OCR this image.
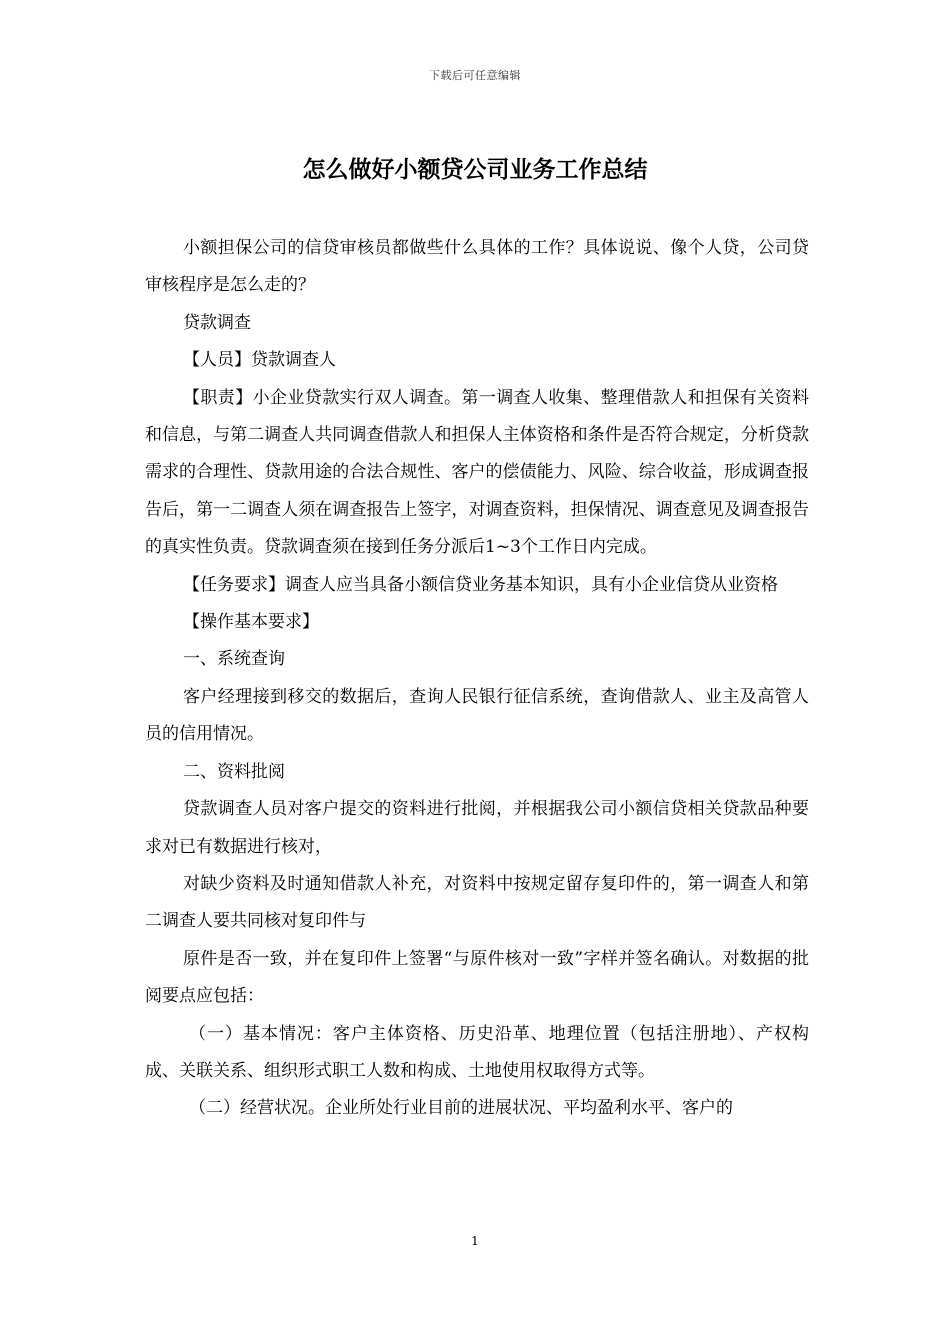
下载后可任意编辑
怎么做好小额贷公司业务工作总结

小额担保公司的信贷审核员都做些什么具体的工作？具体说说、像个人贷，公司贷审核程序是怎么走的？

贷款调查

【人员】贷款调查人

【职责】小企业贷款实行双人调查。第一调查人收集、整理借款人和担保有关资料和信息，与第二调查人共同调查借款人和担保人主体资格和条件是否符合规定，分析贷款需求的合理性、贷款用途的合法合规性、客户的偿债能力、风险、综合收益，形成调查报告后，第一二调查人须在调查报告上签字，对调查资料，担保情况、调查意见及调查报告的真实性负责。贷款调查须在接到任务分派后1~3个工作日内完成。

【任务要求】调查人应当具备小额信贷业务基本知识，具有小企业信贷从业资格

【操作基本要求】

一、系统查询

客户经理接到移交的数据后，查询人民银行征信系统，查询借款人、业主及高管人员的信用情况。

二、资料批阅

贷款调查人员对客户提交的资料进行批阅，并根据我公司小额信贷相关贷款品种要求对已有数据进行核对，

对缺少资料及时通知借款人补充，对资料中按规定留存复印件的，第一调查人和第二调查人要共同核对复印件与

原件是否一致，并在复印件上签署“与原件核对一致”字样并签名确认。对数据的批阅要点应包括：

（一）基本情况：客户主体资格、历史沿革、地理位置（包括注册地）、产权构成、关联关系、组织形式职工人数和构成、土地使用权取得方式等。

（二）经营状况。企业所处行业目前的进展状况、平均盈利水平、客户的

1
